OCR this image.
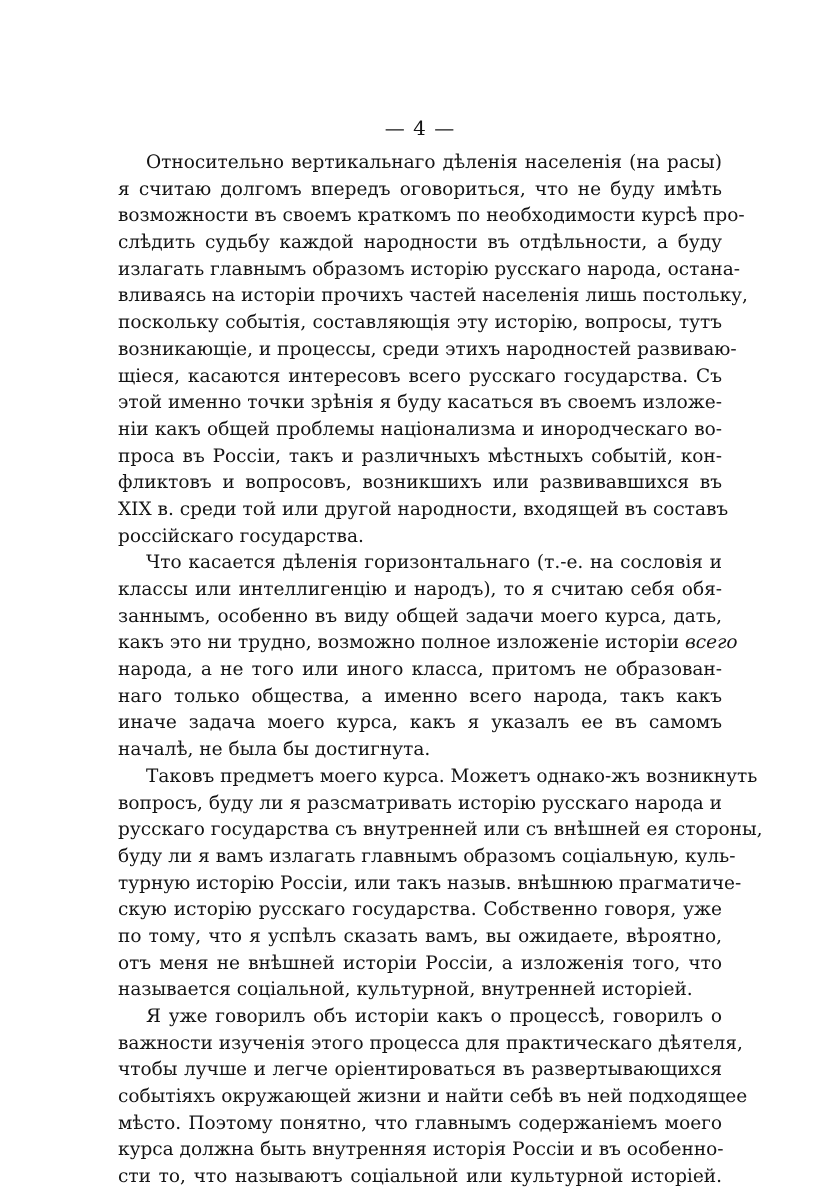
— 4 —
Относительно вертикальнаго дѣленія населенія (на расы)
я считаю долгомъ впередъ оговориться, что не буду имѣть
возможности въ своемъ краткомъ по необходимости курсѣ про-
слѣдить судьбу каждой народности въ отдѣльности, а буду
излагать главнымъ образомъ исторію русскаго народа, остана-
вливаясь на исторіи прочихъ частей населенія лишь постольку,
поскольку событія, составляющія эту исторію, вопросы, тутъ
возникающіе, и процессы, среди этихъ народностей развиваю-
щіеся, касаются интересовъ всего русскаго государства. Съ
этой именно точки зрѣнія я буду касаться въ своемъ изложе-
ніи какъ общей проблемы націонализма и инородческаго во-
проса въ Россіи, такъ и различныхъ мѣстныхъ событій, кон-
фликтовъ и вопросовъ, возникшихъ или развивавшихся въ
XIX в. среди той или другой народности, входящей въ составъ
россійскаго государства.
Что касается дѣленія горизонтальнаго (т.-е. на сословія и
классы или интеллигенцію и народъ), то я считаю себя обя-
заннымъ, особенно въ виду общей задачи моего курса, дать,
какъ это ни трудно, возможно полное изложеніе исторіи всего
народа, а не того или иного класса, притомъ не образован-
наго только общества, а именно всего народа, такъ какъ
иначе задача моего курса, какъ я указалъ ее въ самомъ
началѣ, не была бы достигнута.
Таковъ предметъ моего курса. Можетъ однако-жъ возникнуть
вопросъ, буду ли я разсматривать исторію русскаго народа и
русскаго государства съ внутренней или съ внѣшней ея стороны,
буду ли я вамъ излагать главнымъ образомъ соціальную, куль-
турную исторію Россіи, или такъ назыв. внѣшнюю прагматиче-
скую исторію русскаго государства. Собственно говоря, уже
по тому, что я успѣлъ сказать вамъ, вы ожидаете, вѣроятно,
отъ меня не внѣшней исторіи Россіи, а изложенія того, что
называется соціальной, культурной, внутренней исторіей.
Я уже говорилъ объ исторіи какъ о процессѣ, говорилъ о
важности изученія этого процесса для практическаго дѣятеля,
чтобы лучше и легче оріентироваться въ развертывающихся
событіяхъ окружающей жизни и найти себѣ въ ней подходящее
мѣсто. Поэтому понятно, что главнымъ содержаніемъ моего
курса должна быть внутренняя исторія Россіи и въ особенно-
сти то, что называютъ соціальной или культурной исторіей.
